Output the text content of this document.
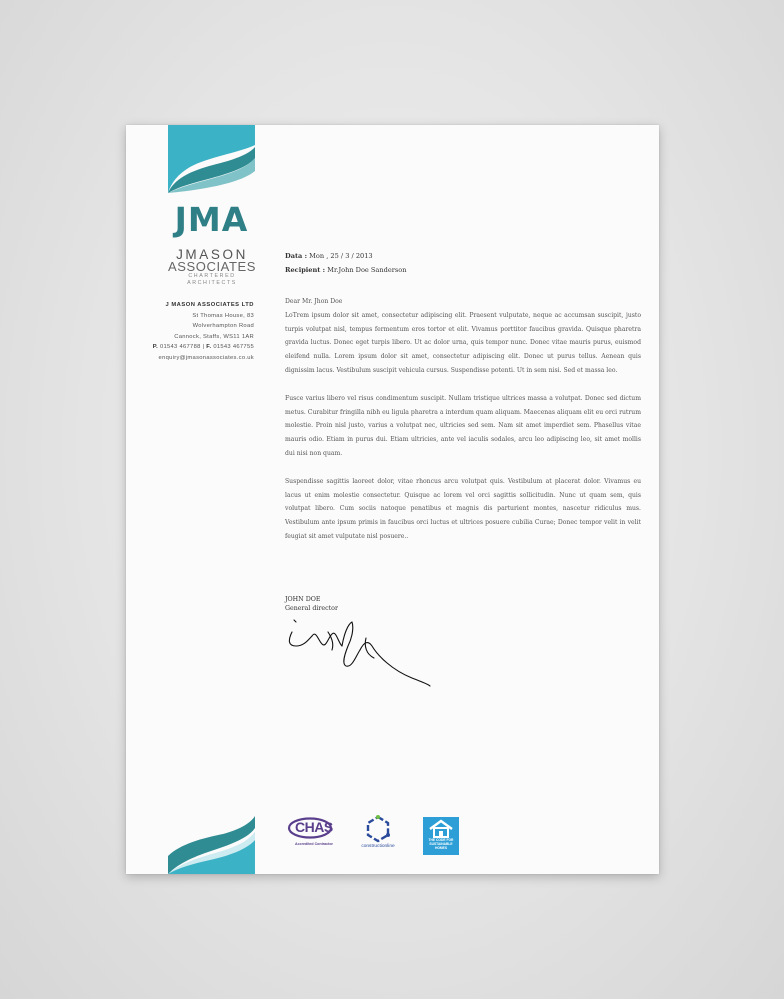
JMA
JMASON
ASSOCIATES
CHARTERED ARCHITECTS
J MASON ASSOCIATES LTD
St Thomas House, 83
Wolverhampton Road
Cannock, Staffs, WS11 1AR
P. 01543 467788 | F. 01543 467755
enquiry@jmasonassociates.co.uk
Data : Mon , 25 / 3 / 2013
Recipient : Mr.John Doe Sanderson

Dear Mr. Jhon Doe

LoTrem ipsum dolor sit amet, consectetur adipiscing elit. Praesent vulputate, neque ac accumsan suscipit, justo turpis volutpat nisl, tempus fermentum eros tortor et elit. Vivamus porttitor faucibus gravida. Quisque pharetra gravida luctus. Donec eget turpis libero. Ut ac dolor urna, quis tempor nunc. Donec vitae mauris purus, euismod eleifend nulla. Lorem ipsum dolor sit amet, consectetur adipiscing elit. Donec ut purus tellus. Aenean quis dignissim lacus. Vestibulum suscipit vehicula cursus. Suspendisse potenti. Ut in sem nisi. Sed et massa leo.

Fusce varius libero vel risus condimentum suscipit. Nullam tristique ultrices massa a volutpat. Donec sed dictum metus. Curabitur fringilla nibh eu ligula pharetra a interdum quam aliquam. Maecenas aliquam elit eu orci rutrum molestie. Proin nisl justo, varius a volutpat nec, ultricies sed sem. Nam sit amet imperdiet sem. Phasellus vitae mauris odio. Etiam in purus dui. Etiam ultricies, ante vel iaculis sodales, arcu leo adipiscing leo, sit amet mollis dui nisi non quam.

Suspendisse sagittis laoreet dolor, vitae rhoncus arcu volutpat quis. Vestibulum at placerat dolor. Vivamus eu lacus ut enim molestie consectetur. Quisque ac lorem vel orci sagittis sollicitudin. Nunc ut quam sem, quis volutpat libero. Cum sociis natoque penatibus et magnis dis parturient montes, nascetur ridiculus mus. Vestibulum ante ipsum primis in faucibus orci luctus et ultrices posuere cubilia Curae; Donec tempor velit in velit feugiat sit amet vulputate nisl posuere..

JOHN DOE
General director
CHAS
Accredited Contractor	constructionline
THE CODE FOR
SUSTAINABLE
HOMES
